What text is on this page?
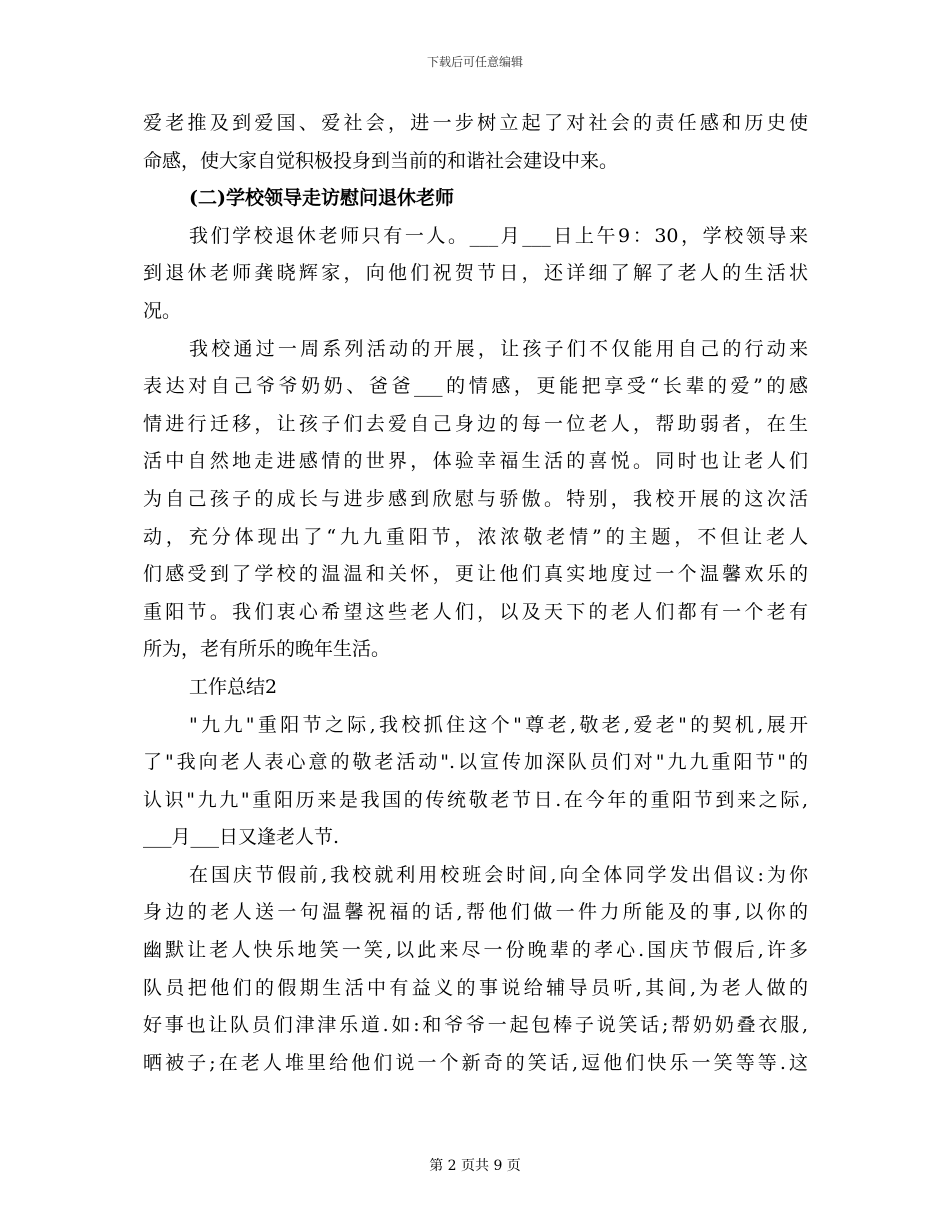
下载后可任意编辑
爱老推及到爱国、爱社会，进一步树立起了对社会的责任感和历史使
命感，使大家自觉积极投身到当前的和谐社会建设中来。
(二)学校领导走访慰问退休老师
我们学校退休老师只有一人。___月___日上午9：30，学校领导来
到退休老师龚晓辉家，向他们祝贺节日，还详细了解了老人的生活状
况。
我校通过一周系列活动的开展，让孩子们不仅能用自己的行动来
表达对自己爷爷奶奶、爸爸___的情感，更能把享受“长辈的爱”的感
情进行迁移，让孩子们去爱自己身边的每一位老人，帮助弱者，在生
活中自然地走进感情的世界，体验幸福生活的喜悦。同时也让老人们
为自己孩子的成长与进步感到欣慰与骄傲。特别，我校开展的这次活
动，充分体现出了“九九重阳节，浓浓敬老情”的主题，不但让老人
们感受到了学校的温温和关怀，更让他们真实地度过一个温馨欢乐的
重阳节。我们衷心希望这些老人们，以及天下的老人们都有一个老有
所为，老有所乐的晚年生活。
工作总结2
"九九"重阳节之际,我校抓住这个"尊老,敬老,爱老"的契机,展开
了"我向老人表心意的敬老活动".以宣传加深队员们对"九九重阳节"的
认识"九九"重阳历来是我国的传统敬老节日.在今年的重阳节到来之际,
___月___日又逢老人节.
在国庆节假前,我校就利用校班会时间,向全体同学发出倡议:为你
身边的老人送一句温馨祝福的话,帮他们做一件力所能及的事,以你的
幽默让老人快乐地笑一笑,以此来尽一份晚辈的孝心.国庆节假后,许多
队员把他们的假期生活中有益义的事说给辅导员听,其间,为老人做的
好事也让队员们津津乐道.如:和爷爷一起包棒子说笑话;帮奶奶叠衣服,
晒被子;在老人堆里给他们说一个新奇的笑话,逗他们快乐一笑等等.这
第 2 页共 9 页
